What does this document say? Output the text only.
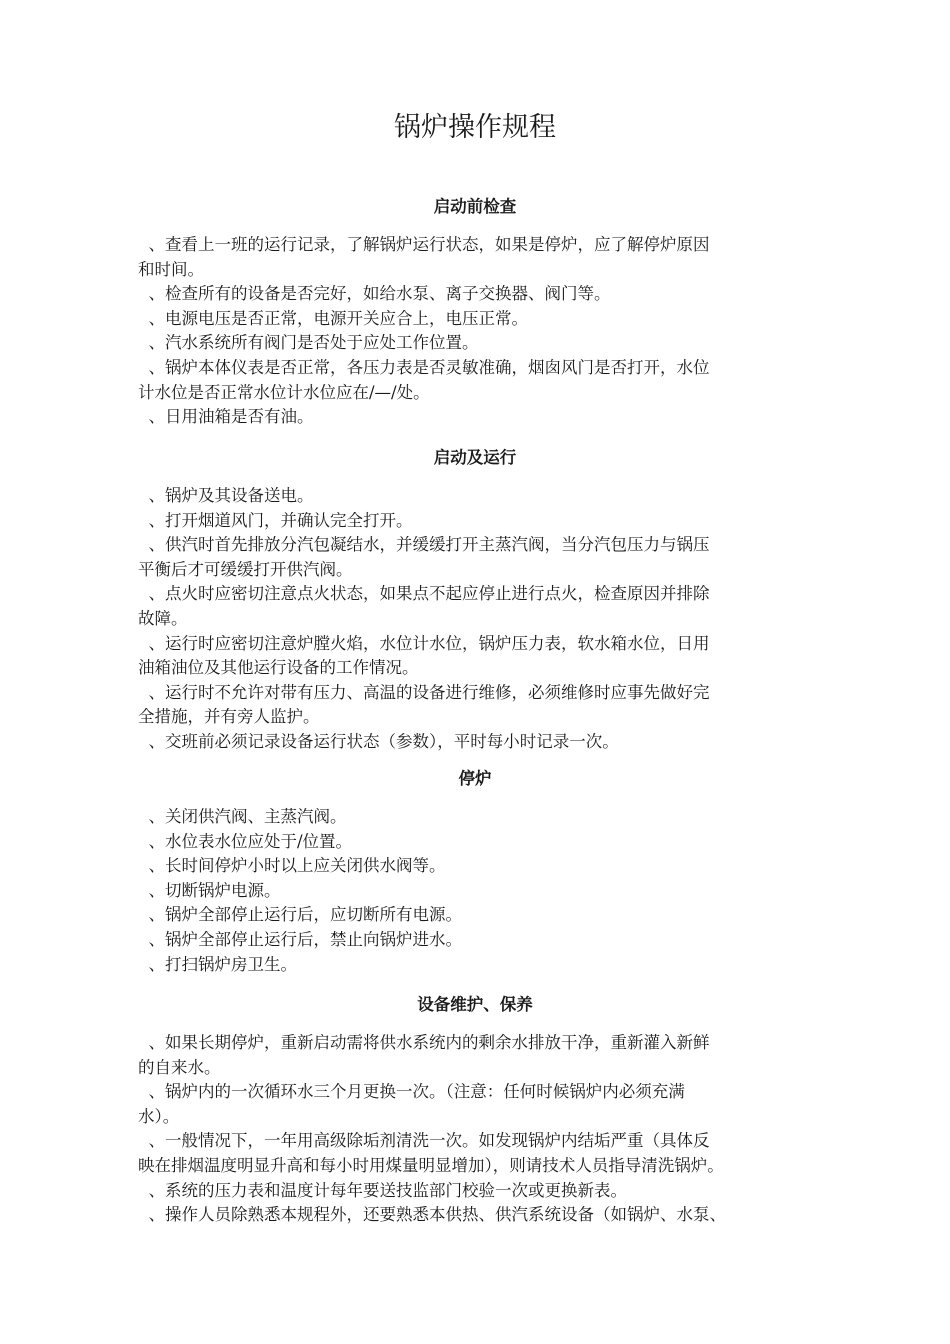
锅炉操作规程
启动前检查
、查看上一班的运行记录，了解锅炉运行状态，如果是停炉，应了解停炉原因
和时间。
、检查所有的设备是否完好，如给水泵、离子交换器、阀门等。
、电源电压是否正常，电源开关应合上，电压正常。
、汽水系统所有阀门是否处于应处工作位置。
、锅炉本体仪表是否正常，各压力表是否灵敏准确，烟囱风门是否打开，水位
计水位是否正常水位计水位应在/—/处。
、日用油箱是否有油。
启动及运行
、锅炉及其设备送电。
、打开烟道风门，并确认完全打开。
、供汽时首先排放分汽包凝结水，并缓缓打开主蒸汽阀，当分汽包压力与锅压
平衡后才可缓缓打开供汽阀。
、点火时应密切注意点火状态，如果点不起应停止进行点火，检查原因并排除
故障。
、运行时应密切注意炉膛火焰，水位计水位，锅炉压力表，软水箱水位，日用
油箱油位及其他运行设备的工作情况。
、运行时不允许对带有压力、高温的设备进行维修，必须维修时应事先做好完
全措施，并有旁人监护。
、交班前必须记录设备运行状态（参数），平时每小时记录一次。
停炉
、关闭供汽阀、主蒸汽阀。
、水位表水位应处于/位置。
、长时间停炉小时以上应关闭供水阀等。
、切断锅炉电源。
、锅炉全部停止运行后，应切断所有电源。
、锅炉全部停止运行后，禁止向锅炉进水。
、打扫锅炉房卫生。
设备维护、保养
、如果长期停炉，重新启动需将供水系统内的剩余水排放干净，重新灌入新鲜
的自来水。
、锅炉内的一次循环水三个月更换一次。（注意：任何时候锅炉内必须充满
水）。
、一般情况下，一年用高级除垢剂清洗一次。如发现锅炉内结垢严重（具体反
映在排烟温度明显升高和每小时用煤量明显增加），则请技术人员指导清洗锅炉。
、系统的压力表和温度计每年要送技监部门校验一次或更换新表。
、操作人员除熟悉本规程外，还要熟悉本供热、供汽系统设备（如锅炉、水泵、
